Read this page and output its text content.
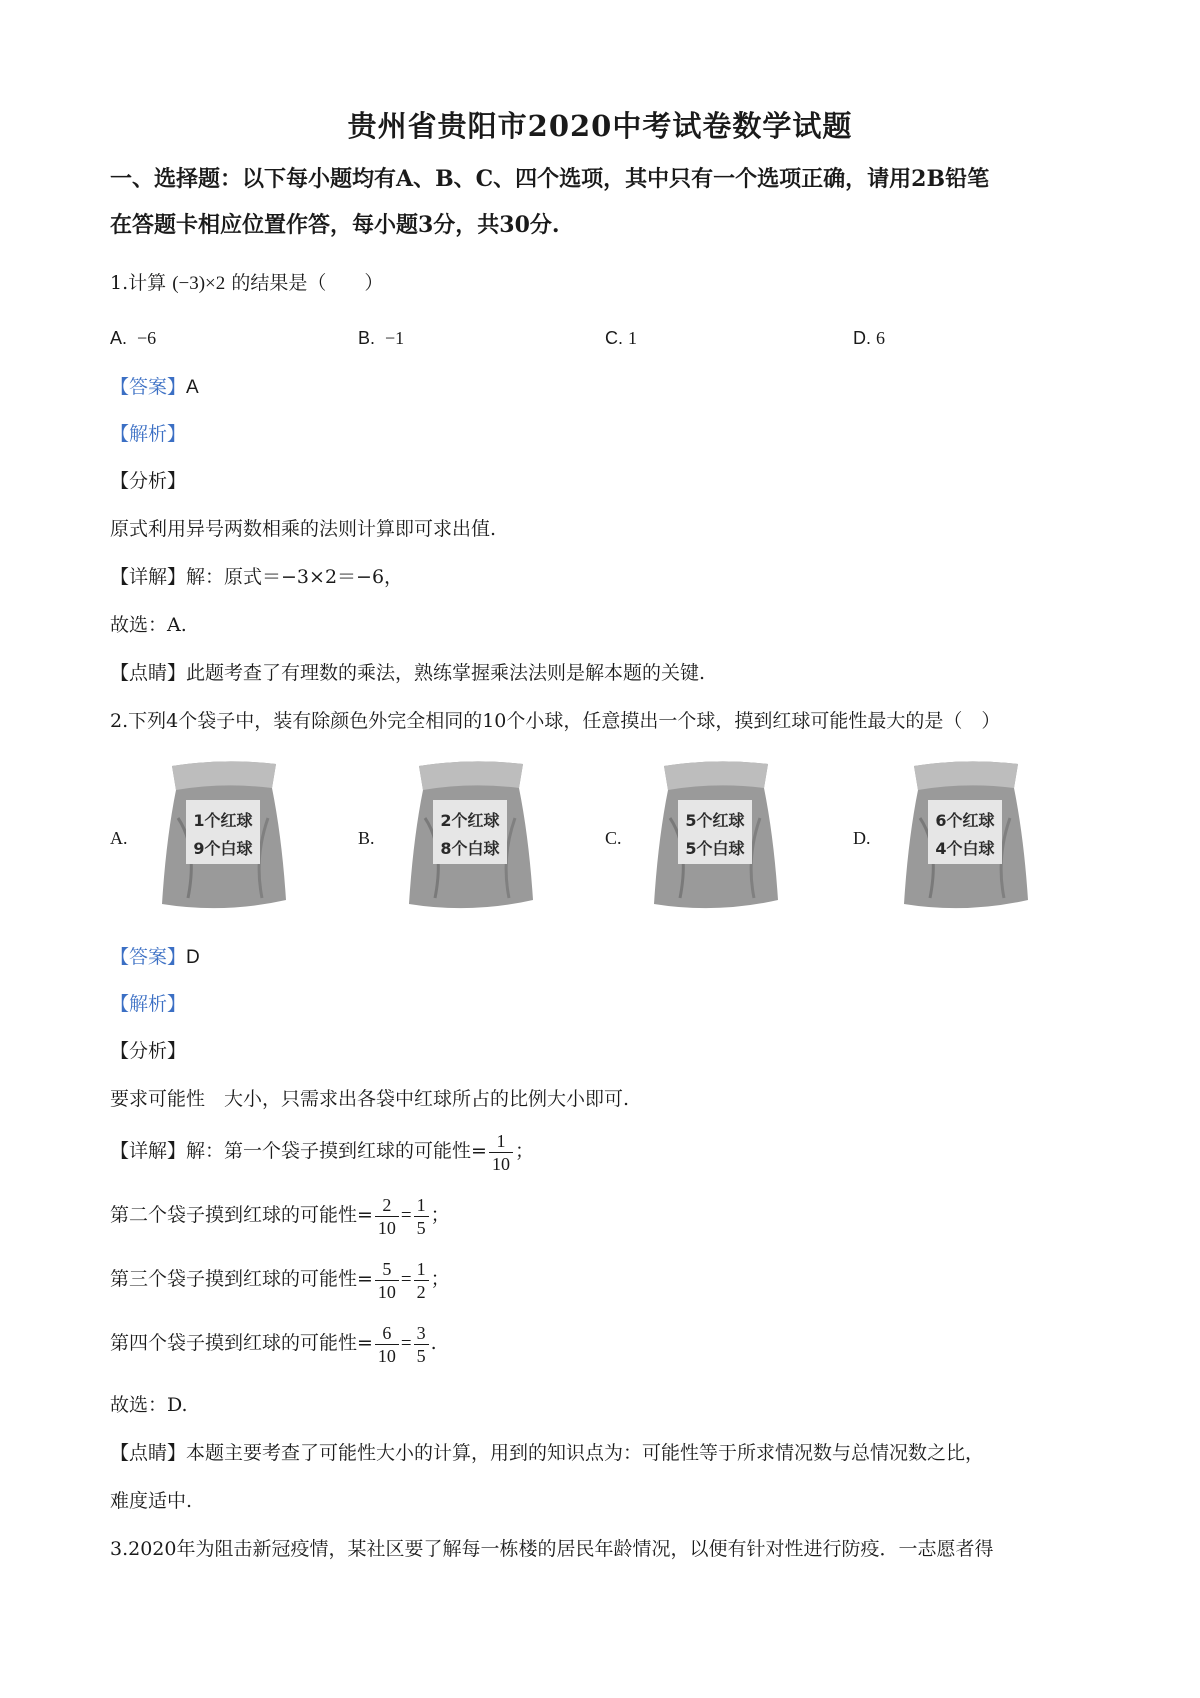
贵州省贵阳市2020中考试卷数学试题
一、选择题：以下每小题均有A、B、C、四个选项，其中只有一个选项正确，请用2B铅笔
在答题卡相应位置作答，每小题3分，共30分.
1.计算 (−3)×2 的结果是（　　）
A. −6	B. −1	C. 1	D. 6
【答案】A
【解析】
【分析】
原式利用异号两数相乘的法则计算即可求出值.
【详解】解：原式＝−3×2＝−6，
故选：A.
【点睛】此题考查了有理数的乘法，熟练掌握乘法法则是解本题的关键.
2.下列4个袋子中，装有除颜色外完全相同的10个小球，任意摸出一个球，摸到红球可能性最大的是（　）
A.
1个红球
9个白球
B.
2个红球
8个白球
C.
5个红球
5个白球
D.
6个红球
4个白球
【答案】D
【解析】
【分析】
要求可能性　大小，只需求出各袋中红球所占的比例大小即可.
【详解】解：第一个袋子摸到红球的可能性= $\frac{1}{10}$ ；
第二个袋子摸到红球的可能性= $\frac{2}{10} = \frac{1}{5}$ ；
第三个袋子摸到红球的可能性= $\frac{5}{10} = \frac{1}{2}$ ；
第四个袋子摸到红球的可能性= $\frac{6}{10} = \frac{3}{5}$ .
故选：D.
【点睛】本题主要考查了可能性大小的计算，用到的知识点为：可能性等于所求情况数与总情况数之比，
难度适中.
3.2020年为阻击新冠疫情，某社区要了解每一栋楼的居民年龄情况，以便有针对性进行防疫．一志愿者得
